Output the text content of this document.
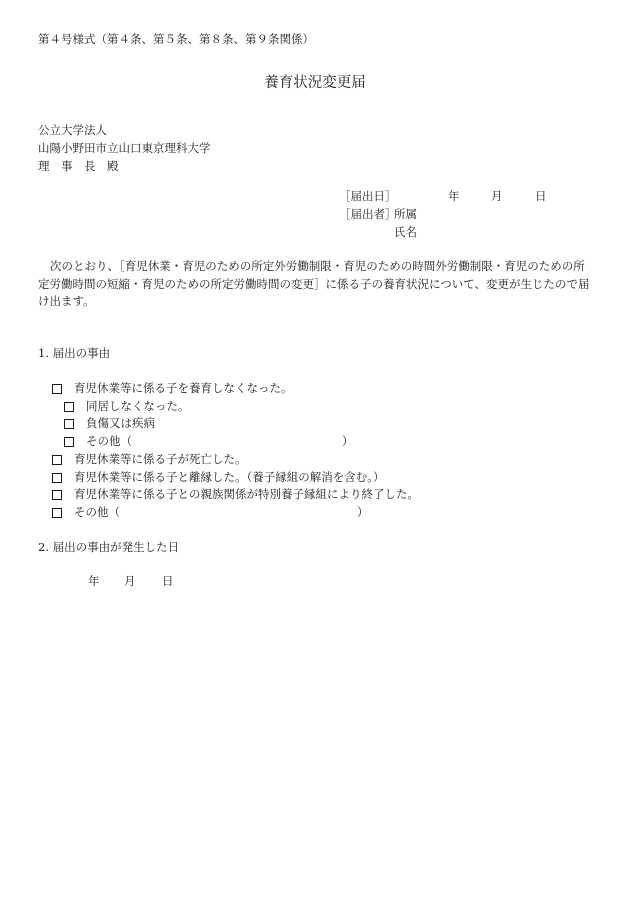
第４号様式（第４条、第５条、第８条、第９条関係）
養育状況変更届
公立大学法人
山陽小野田市立山口東京理科大学
理　事　長　殿
［届出日］	年	月	日
［届出者］
所属
氏名
次のとおり、［育児休業・育児のための所定外労働制限・育児のための時間外労働制限・育児のための所定労働時間の短縮・育児のための所定労働時間の変更］に係る子の養育状況について、変更が生じたので届け出ます。
1. 届出の事由
育児休業等に係る子を養育しなくなった。
同居しなくなった。
負傷又は疾病
その他（	）
育児休業等に係る子が死亡した。
育児休業等に係る子と離縁した。（養子縁組の解消を含む。）
育児休業等に係る子との親族関係が特別養子縁組により終了した。
その他（	）
2. 届出の事由が発生した日
年 月 日
